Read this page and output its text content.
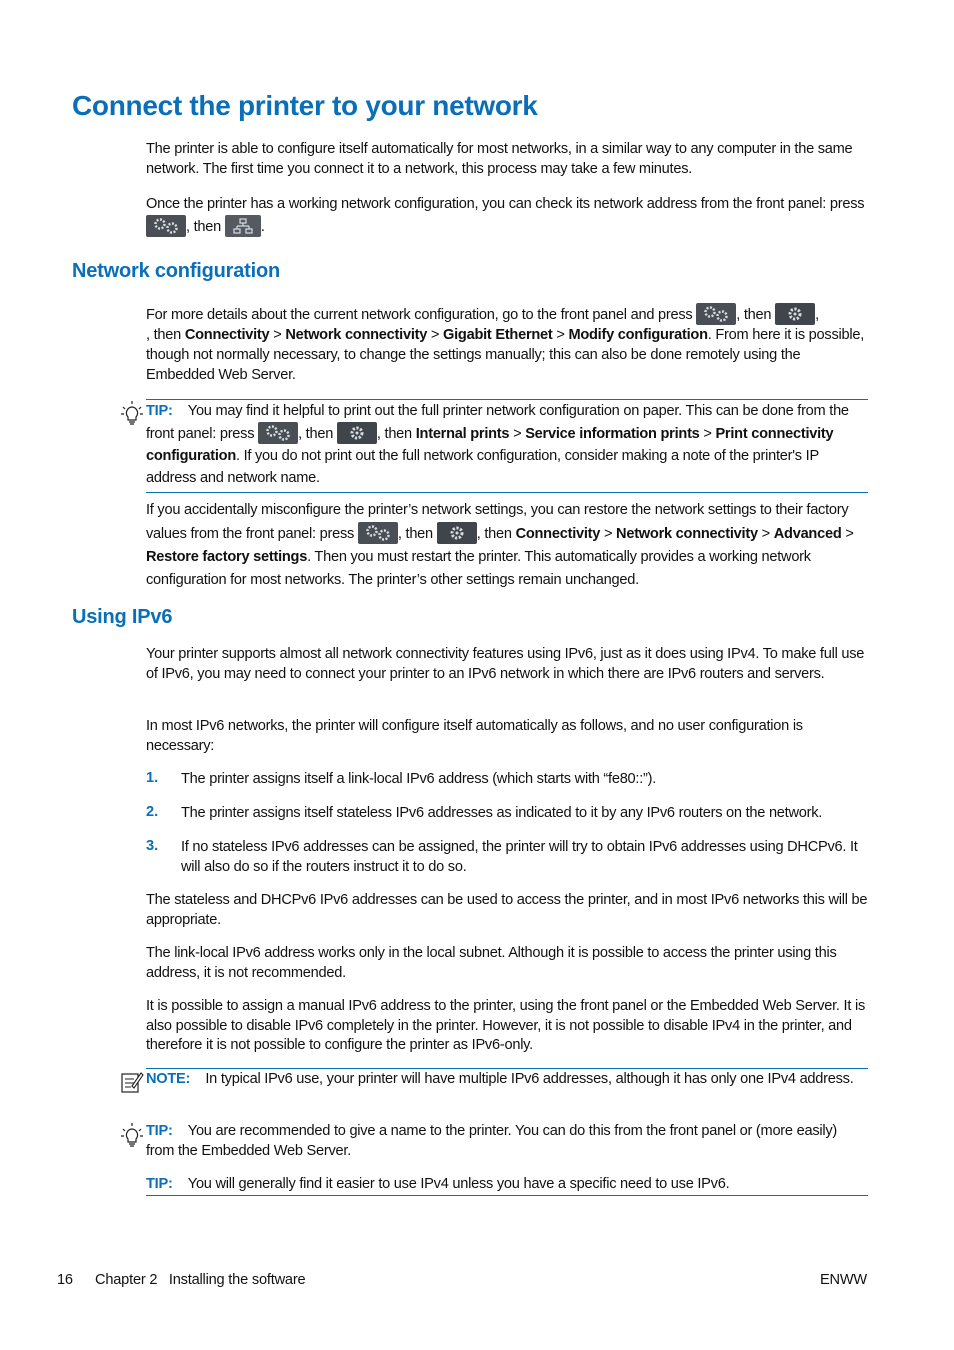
Connect the printer to your network
The printer is able to configure itself automatically for most networks, in a similar way to any computer in the same network. The first time you connect it to a network, this process may take a few minutes.
Once the printer has a working network configuration, you can check its network address from the front panel: press
, then	.
Network configuration
For more details about the current network configuration, go to the front panel and press	, then	,
, then Connectivity > Network connectivity > Gigabit Ethernet > Modify configuration. From here it is possible, though not normally necessary, to change the settings manually; this can also be done remotely using the Embedded Web Server.
TIP: You may find it helpful to print out the full printer network configuration on paper. This can be done from the front panel: press	, then	, then Internal prints > Service information prints > Print connectivity configuration. If you do not print out the full network configuration, consider making a note of the printer's IP address and network name.
If you accidentally misconfigure the printer’s network settings, you can restore the network settings to their factory values from the front panel: press	, then	, then Connectivity > Network connectivity > Advanced > Restore factory settings. Then you must restart the printer. This automatically provides a working network configuration for most networks. The printer’s other settings remain unchanged.
Using IPv6
Your printer supports almost all network connectivity features using IPv6, just as it does using IPv4. To make full use of IPv6, you may need to connect your printer to an IPv6 network in which there are IPv6 routers and servers.
In most IPv6 networks, the printer will configure itself automatically as follows, and no user configuration is necessary:
1. The printer assigns itself a link-local IPv6 address (which starts with “fe80::”).
2. The printer assigns itself stateless IPv6 addresses as indicated to it by any IPv6 routers on the network.
3. If no stateless IPv6 addresses can be assigned, the printer will try to obtain IPv6 addresses using DHCPv6. It will also do so if the routers instruct it to do so.
The stateless and DHCPv6 IPv6 addresses can be used to access the printer, and in most IPv6 networks this will be appropriate.
The link-local IPv6 address works only in the local subnet. Although it is possible to access the printer using this address, it is not recommended.
It is possible to assign a manual IPv6 address to the printer, using the front panel or the Embedded Web Server. It is also possible to disable IPv6 completely in the printer. However, it is not possible to disable IPv4 in the printer, and therefore it is not possible to configure the printer as IPv6-only.
NOTE: In typical IPv6 use, your printer will have multiple IPv6 addresses, although it has only one IPv4 address.
TIP: You are recommended to give a name to the printer. You can do this from the front panel or (more easily) from the Embedded Web Server.
TIP: You will generally find it easier to use IPv4 unless you have a specific need to use IPv6.
16 Chapter 2   Installing the software	ENWW
